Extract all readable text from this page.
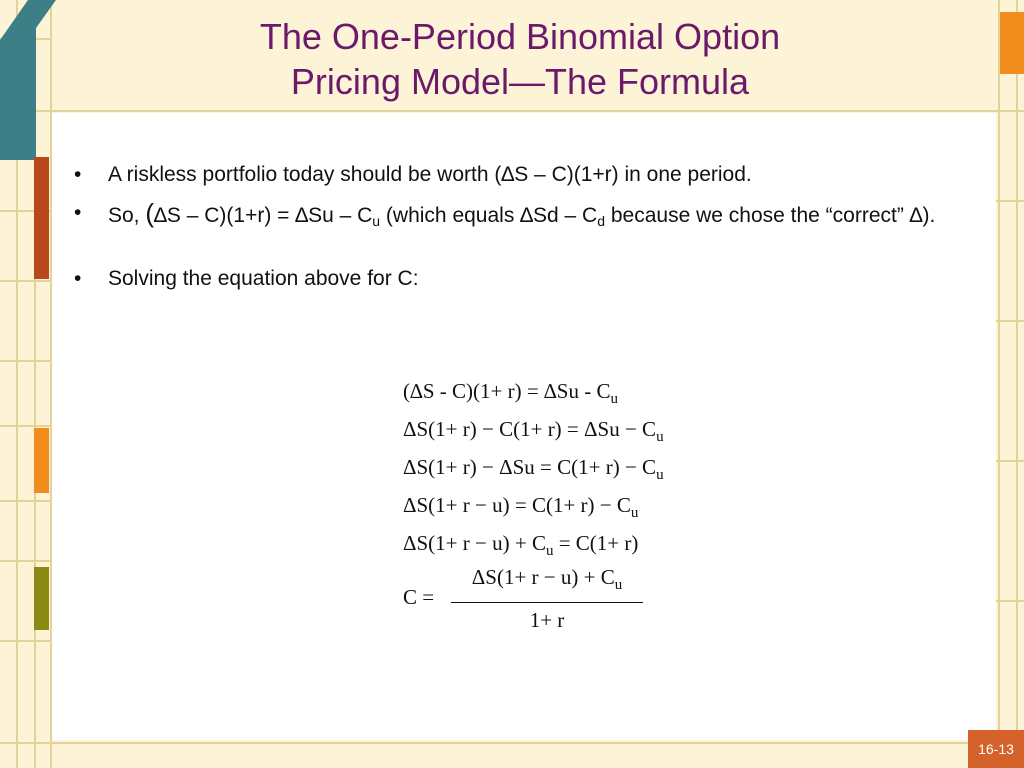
The One-Period Binomial Option
Pricing Model—The Formula
• A riskless portfolio today should be worth (∆S – C)(1+r) in one period.
• So, $(\Delta S - C)(1+r) = \Delta Su - C_u$ (which equals $\Delta Sd - C_d$ because we chose the “correct” ∆).
• Solving the equation above for C:
$(\Delta S - C)(1+ r) = \Delta Su - C_u$
$\Delta S(1+ r) - C(1+ r) = \Delta Su - C_u$
$\Delta S(1+ r) - \Delta Su = C(1+ r) - C_u$
$\Delta S(1+ r - u) = C(1+ r) - C_u$
$\Delta S(1+ r - u) + C_u = C(1+ r)$
$C = \frac{\Delta S(1+ r - u) + C_u}{1+ r}$
16-13
